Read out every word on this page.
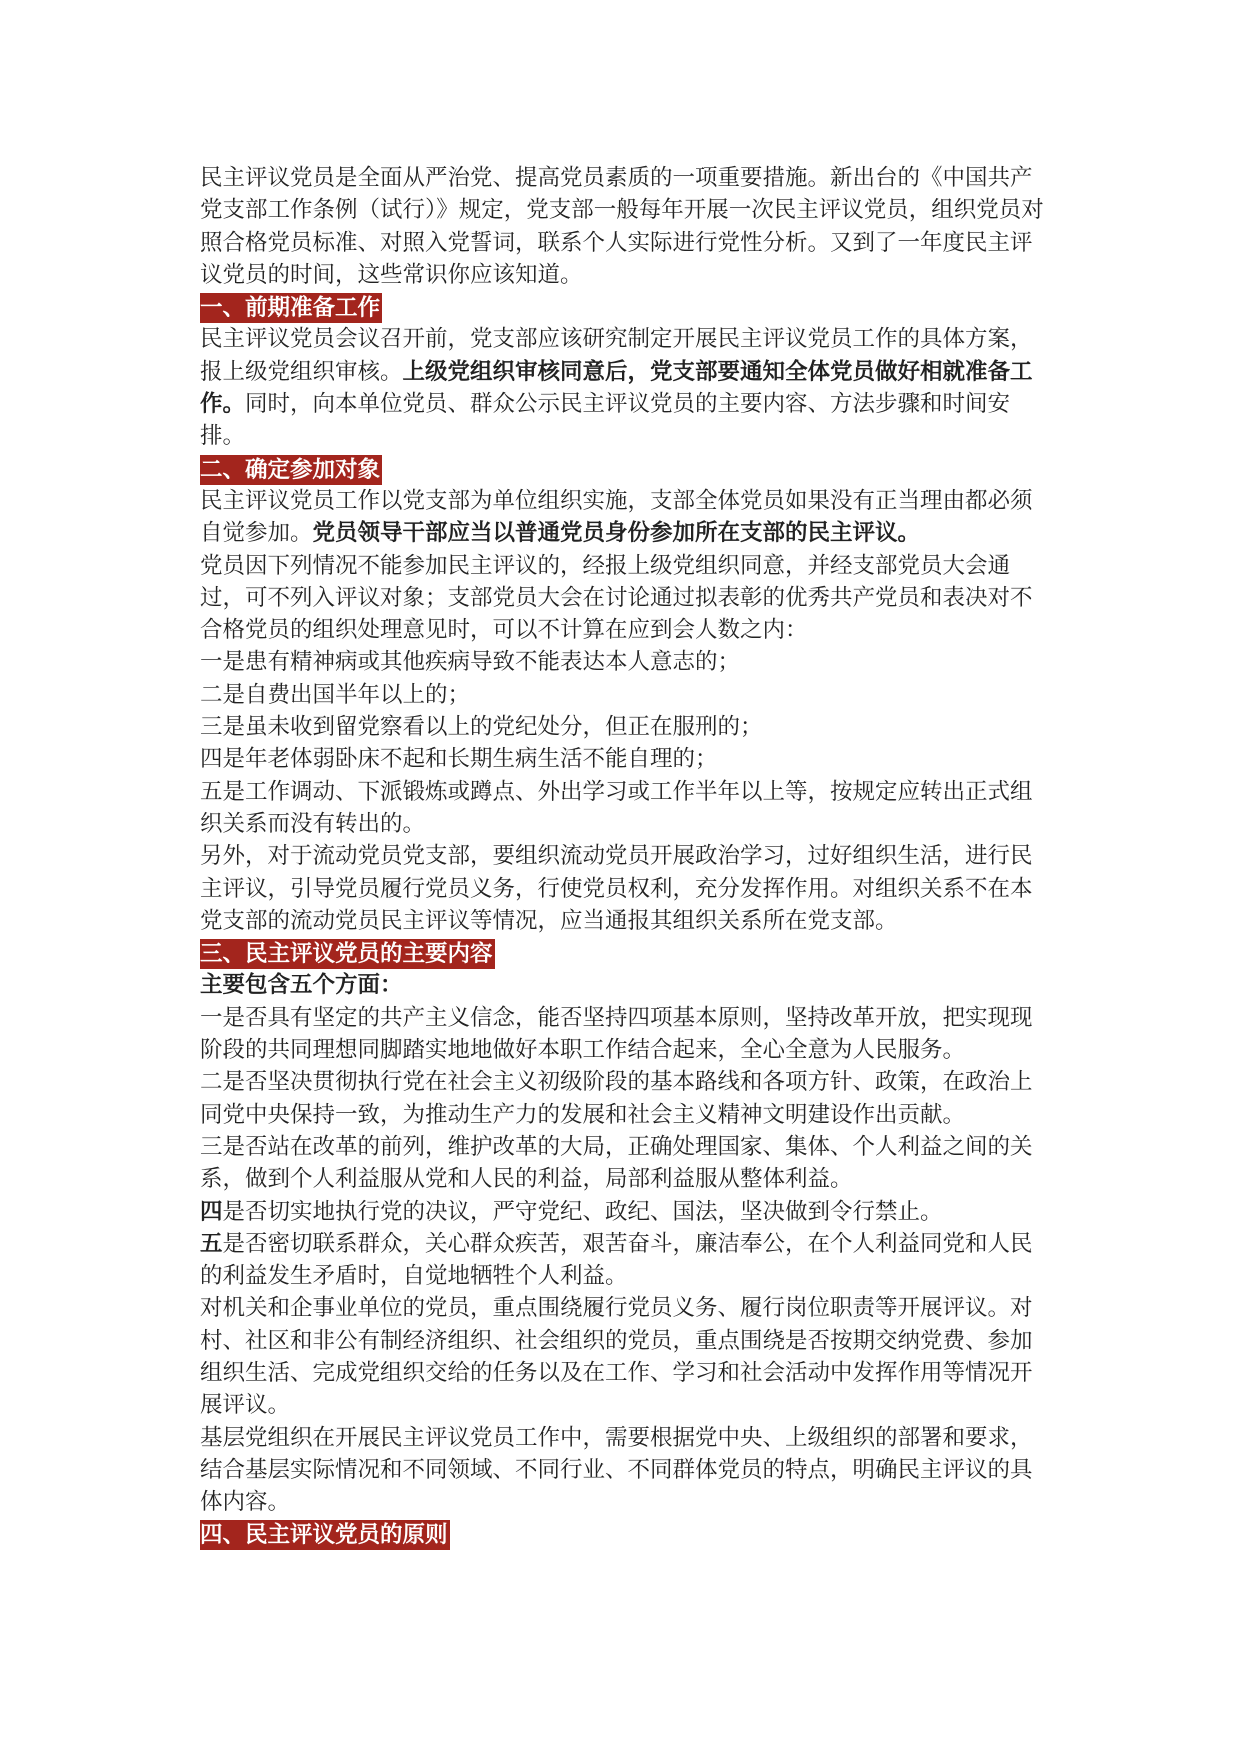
民主评议党员是全面从严治党、提高党员素质的一项重要措施。新出台的《中国共产党支部工作条例（试行）》规定，党支部一般每年开展一次民主评议党员，组织党员对照合格党员标准、对照入党誓词，联系个人实际进行党性分析。又到了一年度民主评议党员的时间，这些常识你应该知道。

一、前期准备工作

民主评议党员会议召开前，党支部应该研究制定开展民主评议党员工作的具体方案，报上级党组织审核。上级党组织审核同意后，党支部要通知全体党员做好相就准备工作。同时，向本单位党员、群众公示民主评议党员的主要内容、方法步骤和时间安排。

二、确定参加对象

民主评议党员工作以党支部为单位组织实施，支部全体党员如果没有正当理由都必须自觉参加。党员领导干部应当以普通党员身份参加所在支部的民主评议。

党员因下列情况不能参加民主评议的，经报上级党组织同意，并经支部党员大会通过，可不列入评议对象；支部党员大会在讨论通过拟表彰的优秀共产党员和表决对不合格党员的组织处理意见时，可以不计算在应到会人数之内：

一是患有精神病或其他疾病导致不能表达本人意志的；

二是自费出国半年以上的；

三是虽未收到留党察看以上的党纪处分，但正在服刑的；

四是年老体弱卧床不起和长期生病生活不能自理的；

五是工作调动、下派锻炼或蹲点、外出学习或工作半年以上等，按规定应转出正式组织关系而没有转出的。

另外，对于流动党员党支部，要组织流动党员开展政治学习，过好组织生活，进行民主评议，引导党员履行党员义务，行使党员权利，充分发挥作用。对组织关系不在本党支部的流动党员民主评议等情况，应当通报其组织关系所在党支部。

三、民主评议党员的主要内容

主要包含五个方面：

一是否具有坚定的共产主义信念，能否坚持四项基本原则，坚持改革开放，把实现现阶段的共同理想同脚踏实地地做好本职工作结合起来，全心全意为人民服务。

二是否坚决贯彻执行党在社会主义初级阶段的基本路线和各项方针、政策，在政治上同党中央保持一致，为推动生产力的发展和社会主义精神文明建设作出贡献。

三是否站在改革的前列，维护改革的大局，正确处理国家、集体、个人利益之间的关系，做到个人利益服从党和人民的利益，局部利益服从整体利益。

四是否切实地执行党的决议，严守党纪、政纪、国法，坚决做到令行禁止。

五是否密切联系群众，关心群众疾苦，艰苦奋斗，廉洁奉公，在个人利益同党和人民的利益发生矛盾时，自觉地牺牲个人利益。

对机关和企事业单位的党员，重点围绕履行党员义务、履行岗位职责等开展评议。对村、社区和非公有制经济组织、社会组织的党员，重点围绕是否按期交纳党费、参加组织生活、完成党组织交给的任务以及在工作、学习和社会活动中发挥作用等情况开展评议。

基层党组织在开展民主评议党员工作中，需要根据党中央、上级组织的部署和要求，结合基层实际情况和不同领域、不同行业、不同群体党员的特点，明确民主评议的具体内容。

四、民主评议党员的原则
